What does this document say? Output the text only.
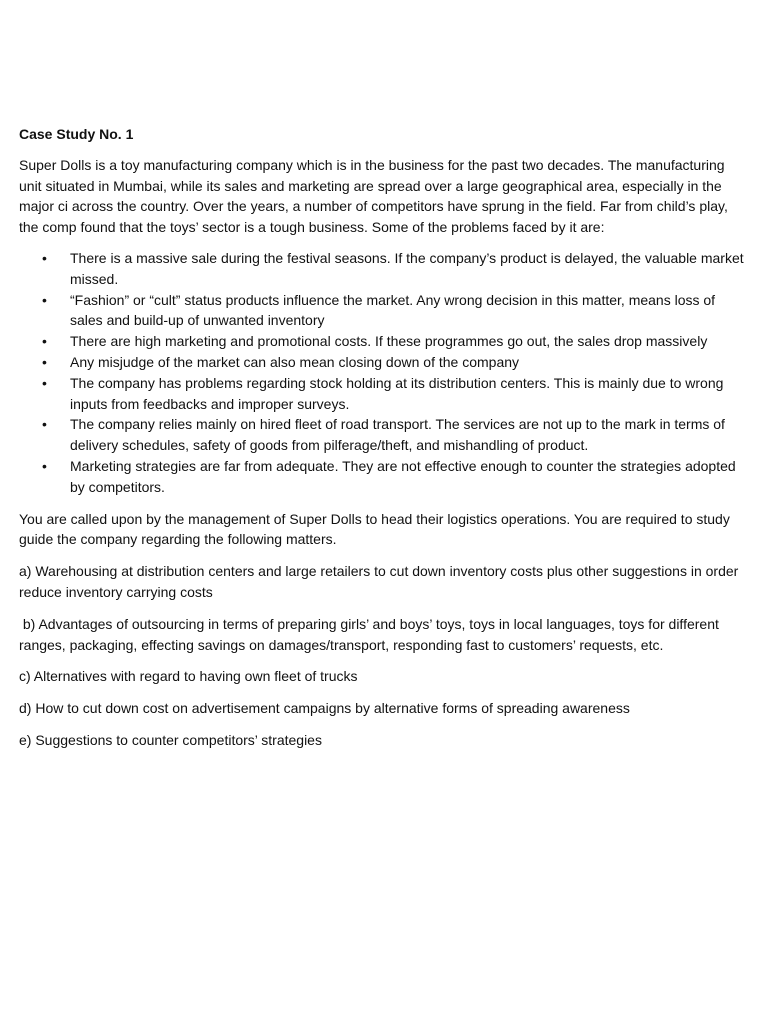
Case Study No. 1

Super Dolls is a toy manufacturing company which is in the business for the past two decades. The manufacturing unit situated in Mumbai, while its sales and marketing are spread over a large geographical area, especially in the major ci across the country. Over the years, a number of competitors have sprung in the field. Far from child’s play, the comp found that the toys’ sector is a tough business. Some of the problems faced by it are:

• There is a massive sale during the festival seasons. If the company’s product is delayed, the valuable market missed.
• “Fashion” or “cult” status products influence the market. Any wrong decision in this matter, means loss of sales and build-up of unwanted inventory
• There are high marketing and promotional costs. If these programmes go out, the sales drop massively
• Any misjudge of the market can also mean closing down of the company
• The company has problems regarding stock holding at its distribution centers. This is mainly due to wrong inputs from feedbacks and improper surveys.
• The company relies mainly on hired fleet of road transport. The services are not up to the mark in terms of delivery schedules, safety of goods from pilferage/theft, and mishandling of product.
• Marketing strategies are far from adequate. They are not effective enough to counter the strategies adopted by competitors.

You are called upon by the management of Super Dolls to head their logistics operations. You are required to study guide the company regarding the following matters.

a) Warehousing at distribution centers and large retailers to cut down inventory costs plus other suggestions in order reduce inventory carrying costs

b) Advantages of outsourcing in terms of preparing girls’ and boys’ toys, toys in local languages, toys for different ranges, packaging, effecting savings on damages/transport, responding fast to customers’ requests, etc.

c) Alternatives with regard to having own fleet of trucks

d) How to cut down cost on advertisement campaigns by alternative forms of spreading awareness

e) Suggestions to counter competitors’ strategies
